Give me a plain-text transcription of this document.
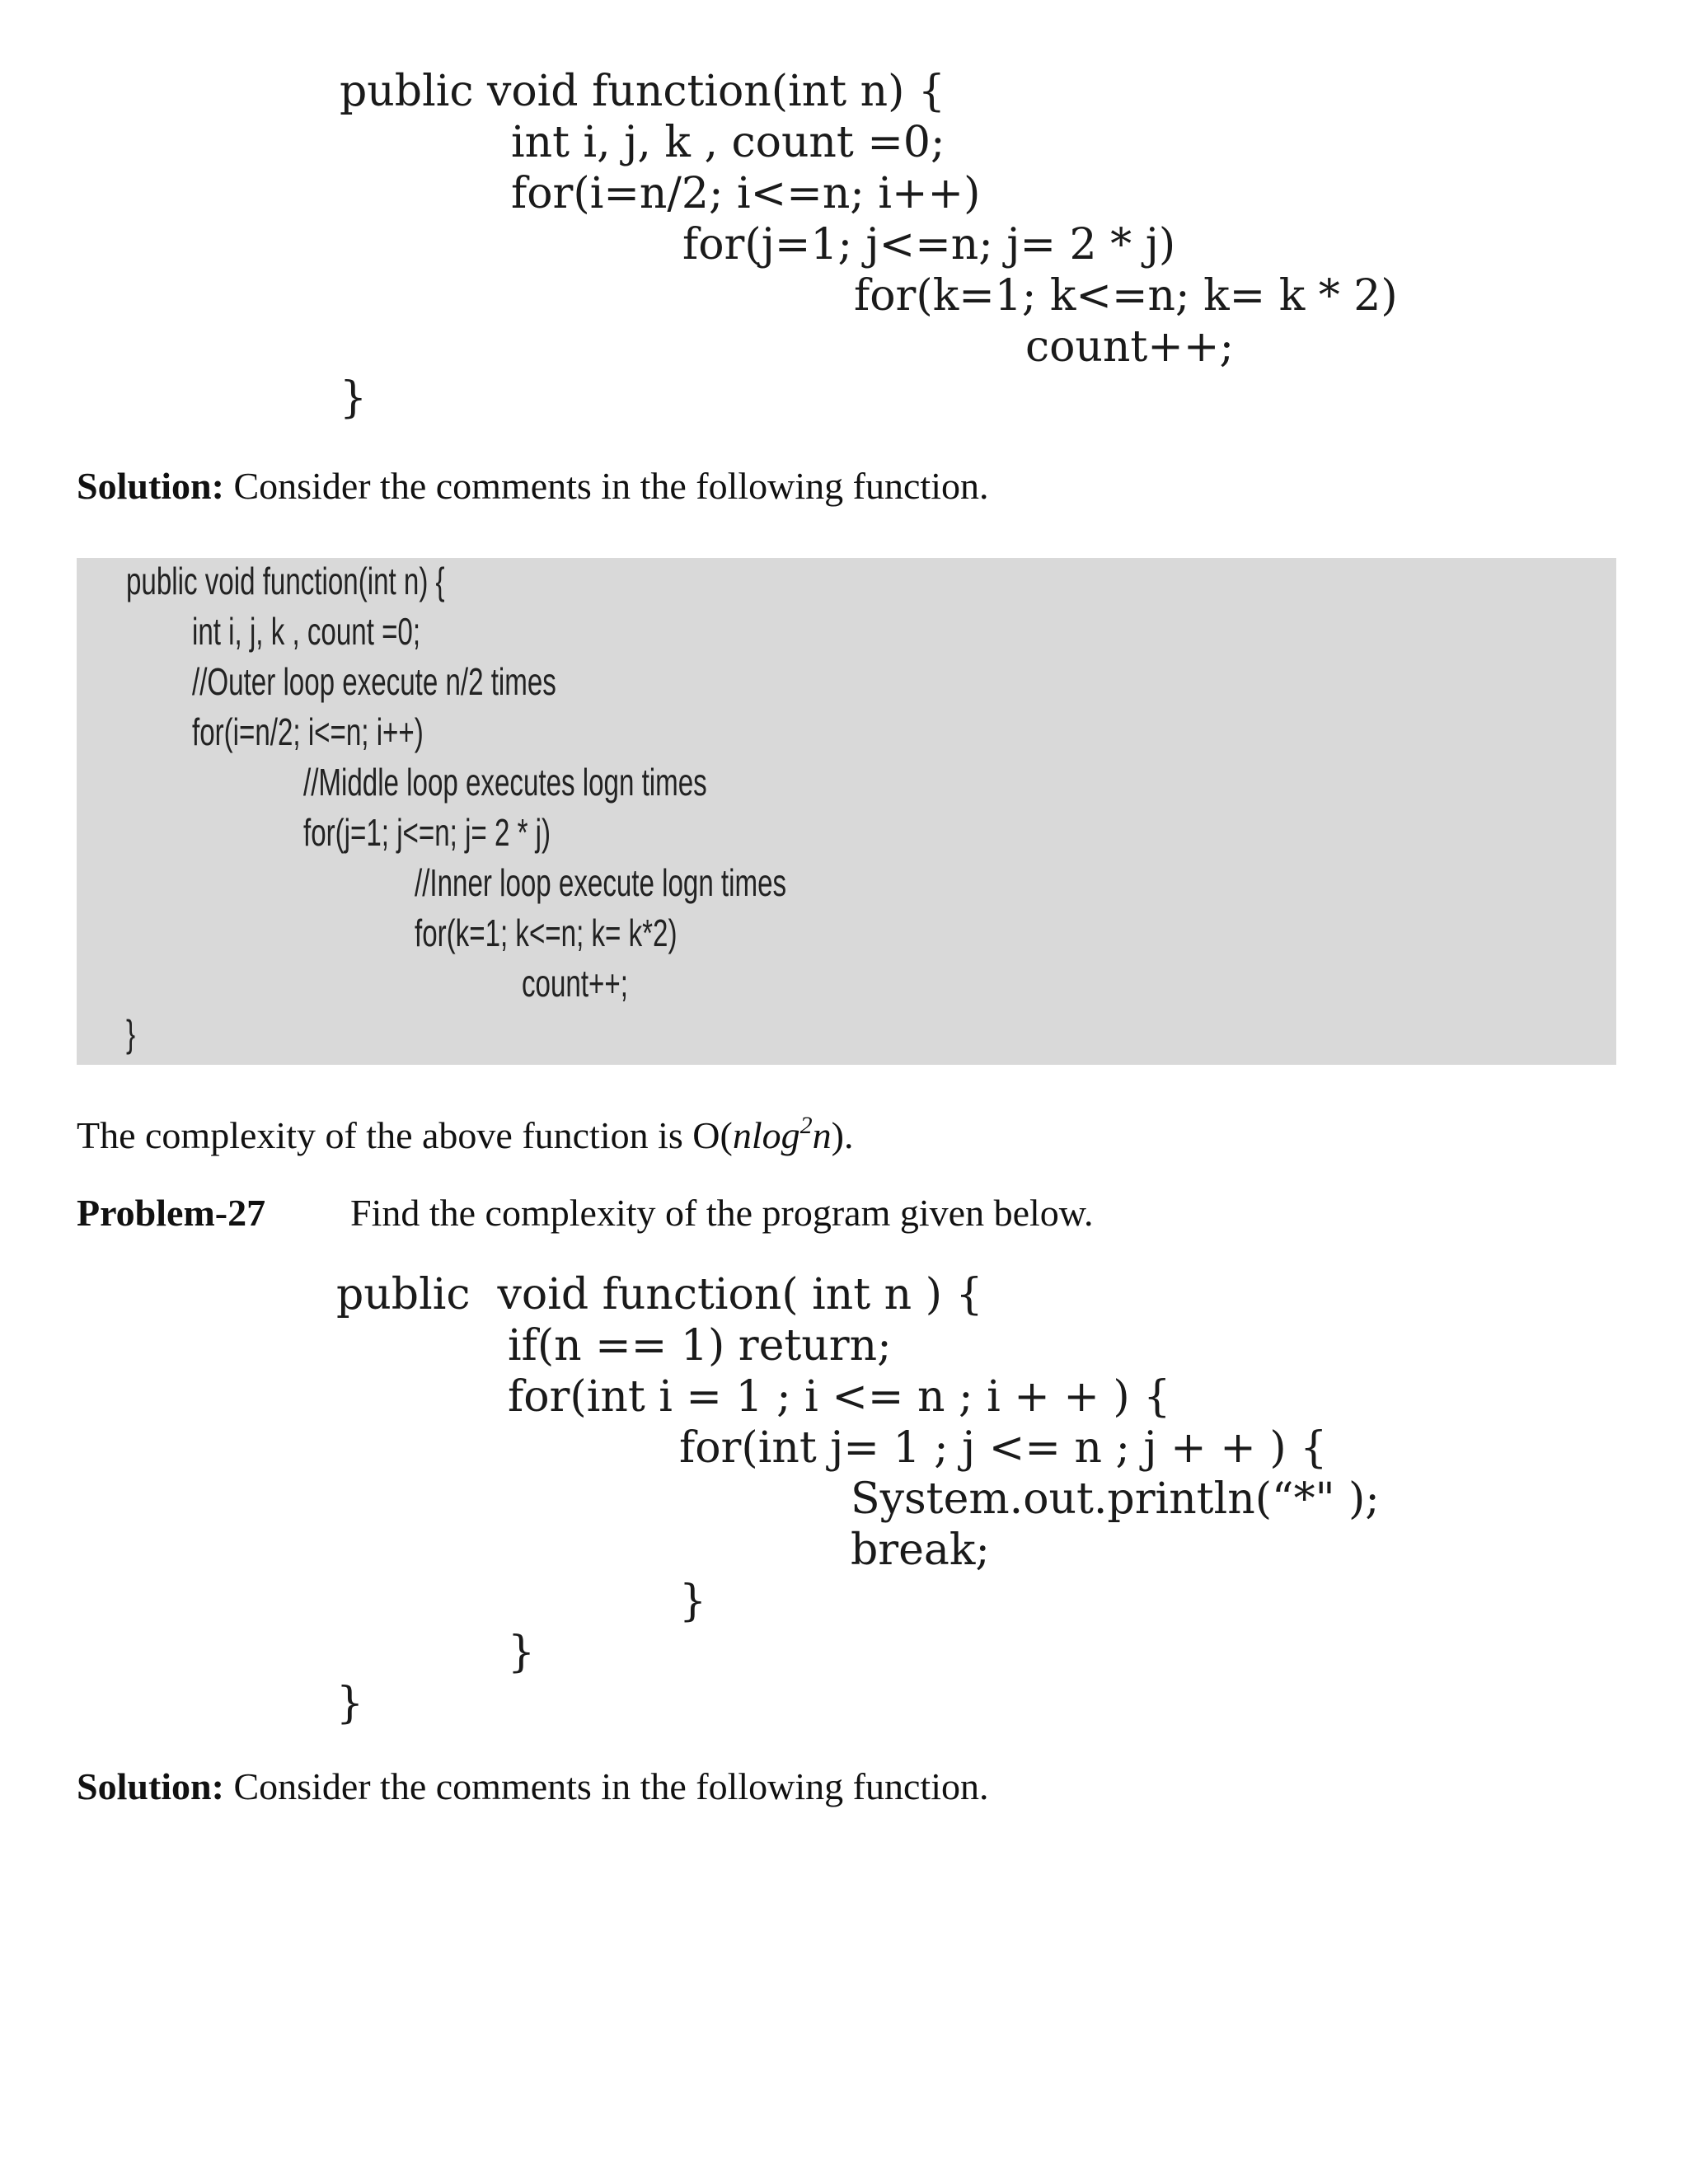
public void function(int n) {
int i, j, k , count =0;
for(i=n/2; i<=n; i++)
for(j=1; j<=n; j= 2 * j)
for(k=1; k<=n; k= k * 2)
count++;
}
Solution: Consider the comments in the following function.
public void function(int n) {
int i, j, k , count =0;
//Outer loop execute n/2 times
for(i=n/2; i<=n; i++)
//Middle loop executes logn times
for(j=1; j<=n; j= 2 * j)
//Inner loop execute logn times
for(k=1; k<=n; k= k*2)
count++;
}
The complexity of the above function is O(nlog$^2$n).
Problem-27 Find the complexity of the program given below.
public  void function( int n ) {
if(n == 1) return;
for(int i = 1 ; i <= n ; i + + ) {
for(int j= 1 ; j <= n ; j + + ) {
System.out.println(“*" );
break;
}
}
}
Solution: Consider the comments in the following function.
